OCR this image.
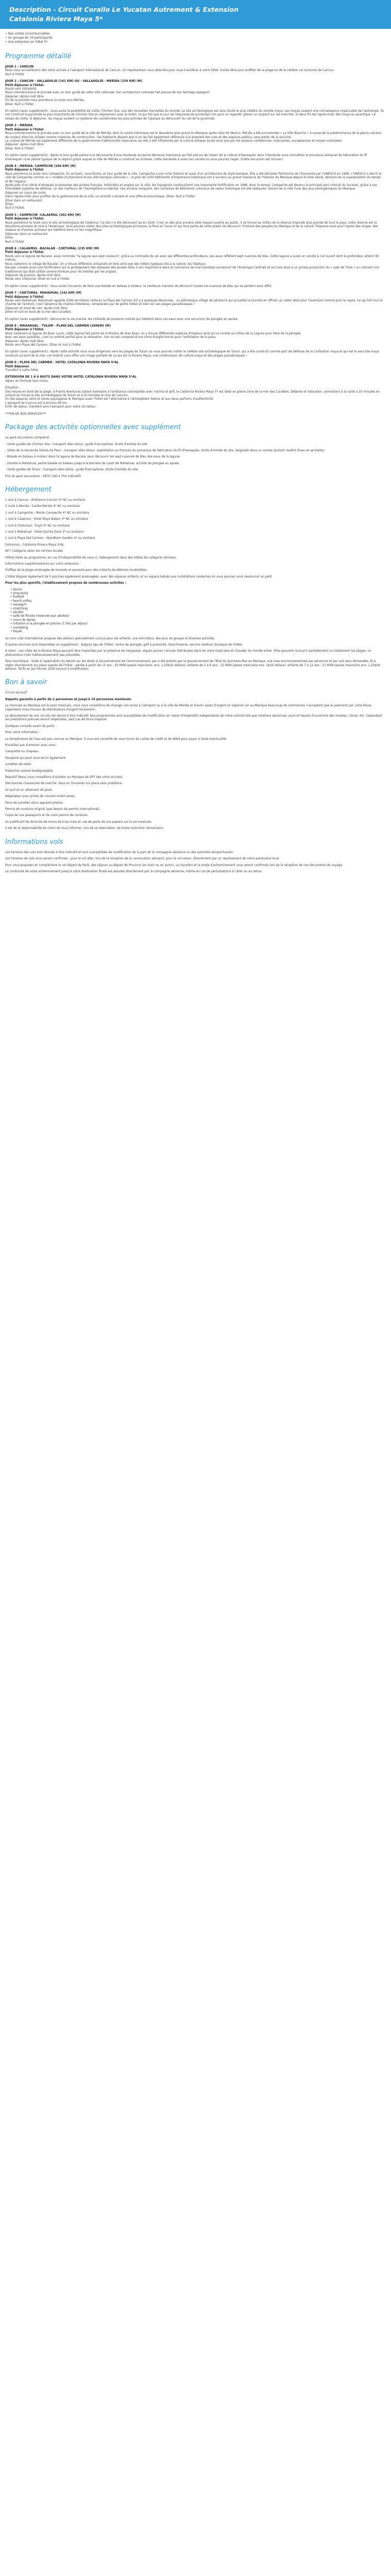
Description - Circuit Corallo Le Yucatan Autrement & Extension
Catalonia Riviera Maya 5*
• Des visites incontournables
• Un groupe de 19 participants
• Une extension en hôtel 5*
Programme détaillé
JOUR 1 : CANCUN
Nous vous accueillerons dès votre arrivée à l'aéroport international de Cancun. Un représentant vous attendra pour vous transférer à votre hôtel. Soirée libre pour profiter de la plage ou de la célèbre vie nocturne de Cancun.
Nuit à l'hôtel.
JOUR 2 : CANCUN - VALLADOLID (161 KM) OU - VALLADOLID - MERIDA (159 KM) (M)
Petit déjeuner à l'hôtel.
Route vers Valladolid.
Nous commencerons la journée avec un tour guidé de cette ville coloniale. Son architecture coloniale fait preuve de son héritage espagnol.
Déjeuner. Après-midi libre.
Fin de la journée nous prendrons la route vers Mérida.
Dîner. Nuit à l'hôtel.
En option (avec supplément) : vous aurez la possibilité de visiter Chichen Itza, une des nouvelles merveilles du monde. Le site archéologique est sans doute le plus célèbre du monde maya. Les mayas avaient une connaissance impeccable de l'astrologie. Ils ont construit la pyramide la plus importante de Chichen Itza en alignement avec le Soleil, ce qui fait que le jour de l'équinoxe de printemps l'on peut un regarder glisser un serpent sur les marches. Si deux fin de l'après-midi, des maya au quantique. Le temps de visite, le déjeuner, les mayas avaient un système de coordonnées les plus précises de l'époque au découvert du ciel de la pyramide.
JOUR 3 : MERIDA
Petit déjeuner à l'hôtel.
Nous commencerons la journée avec un tour guidé de la ville de Mérida, dont le centre historique est le deuxième plus grand du Mexique après celui de Mexico. Mérida a été surnommée « La Ville Blanche » à cause de la prédominance de la pierre calcaire de couleur blanche utilisée comme matériau de construction ; les habitants étaient que si on les fait également référence à la propreté des rues et des espaces publics, sans parler de la sécurité.
La cuisine de Mérida est également différente de la gastronomie traditionnelle mexicaine car elle a été influencée par la culture antique locale ainsi que par les saveurs caribéennes, mexicaines, européennes et moyen-orientales.
Déjeuner. Après-midi libre.
Dîner. Nuit à l'hôtel.
En option (avec supplément) : Après le tour guidé partez à la découverte d'une Hacienda ancienne demeure mexicaine qui fait preuve de l'essor de la culture d'Henequén dans l'Hacienda vous connaîtrez le processus artisanal de fabrication du fil d'henequén (une plante typique de la région) grâce auquel la ville de Mérida a construit sa richesse. Cette Hacienda à aussi son cenote où vous pourrez nager. (Cette excursion est incluse.)
JOUR 4 : MERIDA- CAMPECHE (184 KM) (M)
Petit déjeuner à l'hôtel.
Nous prendrons la route vers Campeche. En arrivant, nous ferons un tour guidé de la ville. Campeche a une riche histoire et aussi d'un architecture de style baroque. Elle a été déclarée Patrimoine de l'Humanité par l'UNESCO en 1999. L'UNESCO a décrit la ville de Campeche comme un « modèle d'urbanisme d'une ville baroque coloniale » ; le plan de 1000 bâtiments d'importance historique ont à survécu au grand massacre de l'histoire du Mexique depuis le XVIe siècle, témoins de la superposition du temps et de l'espace.
Après près d'un siècle d'attaques incessantes des pirates français, hollandais et anglais sur la ville, les Espagnols construisirent une importante fortification en 1686. Avec le temps, Campeche est devenu le principal port colonial du Yucatan, grâce à son formidable système de défense, un des meilleurs de l'hémisphère occidental. Ces anciens remparts, des centaines de bâtiments coloniaux de valeur historique ont été restaurés, faisant de la ville l'une des plus photogéniques du Mexique.
Déjeuner en cours de route.
Dans l'après-midi, pour profiter de la gastronomie de la ville, un activité culinaire et une offre écotouristique. Dîner. Nuit à l'hôtel.
Dîner dans un restaurant.
Dîner.
Nuit à l'hôtel.
JOUR 5 : CAMPECHE -CALAKMUL (302 KM) (M)
Petit déjeuner à l'hôtel.
Nous prendrons la route vers le site archéologique de Calakmul. Ce site n'a été découvert qu'en 1930. Il est un des plus anciens sites mayas ouverts au public. Il se trouve au milieu de la réserve tropicale plus grande de tout le pays, cette réserve est la deuxième primaire du tout à l'Amérique. Vous pourrez visiter des sites archéologiques primaires, la flore et l'aune ici qui fera partie de votre plaisir de découvrir l'histoire des peuples du Mexique et de la nature. Préparez-vous pour l'après des singes, des oiseaux et d'autres animaux qui habitent dans ce lieu magnifique.
Déjeuner dans un restaurant.
Dîner.
Nuit à l'hôtel.
JOUR 6 : CALAKMUL -BACALAR - CHETUMAL (235 KM) (M)
Petit déjeuner à l'hôtel.
Route vers la lagune de Bacalar, aussi nommée "la lagune aux sept couleurs", grâce au contraste de sol avec ses différentes profondeurs, ses eaux reflètent sept nuances de bleu. Cette lagune a aussi un cenote à ciel ouvert dont la profondeur atteint 90 mètres.
Nous visiterons le village de Bacalar. On y trouve différents artisanats en bois ainsi que des hôtels typiques liés à la nature, les hôpitaux.
Bacalar compte aussi une fortification qui le protégeaient des attaques des pirates dûes à son importance dans le commerce de marchandises provenant de l'Amérique Centrale et accrues dues à un grosse production du « pale de Tinte » un colorant noir traditionnel qui était utilisé comme teinture pour les textiles par les anglais.
Déjeuner de poisson. Après-midi libre.
Route vers Chetumal. Dîner et nuit à l'hôtel.
En option (avec supplément) : Vous aurez l'occasion de faire une balade en bateau à moteur, la meilleure manière de découvrir toutes les nuances de bleu qui se perdent avec effet.
JOUR 7 : CHETUMAL- MAHAHUAL (142 KM) (M)
Petit déjeuner à l'hôtel.
Route vers Mahahual. Mahahual rappelle d'été territoires visiteurs la Playa del Carmen d'il y a quelques décennies : un pittoresque village de pêcheurs qui accueille la touriste en offrant un cadre idéal pour l'aventure comme pour le repos. Ce qui fait tout le charme de l'endroit, c'est l'absence de chaînes hôtelières, remplacées par de petits hôtels et bien sûr ses plages paradisiaques !
Déjeuner en bord de mer. Après-midi libre.
Dîner et nuit en bord de la mer des Caraïbes.
En option (avec supplément) : Découvrez la vie marine, les milliards de poissons colorés qui habitent dans ces eaux avec une excursion de plongée en apnée.
JOUR 8 : MAHAHUAL - TULUM - PLAYA DEL CARMEN (290KM) (M)
Petit déjeuner à l'hôtel.
Nous visiterons la lagune de Kaan Luum, cette lagune fait partie de la Riviera de Sian Kaan, on y trouve différentes espèces d'oiseaux ainsi qu'un cenote au milieu de la Lagune pour faire de la plongée.
Avec ses eaux paisibles, c'est un endroit parfait pour la relaxation. Son sol est composé d'une sorte d'argile bonne pour l'exfoliation de la peau.
Déjeuner. Après-midi libre.
Route vers Playa del Carmen. Dîner et nuit à l'hôtel.
En option (avec supplément) : Après cette activité nous nous dirigerons vers les plages de Tulum où vous pourrez visiter le célèbre site archéologique de Tulum, qui a été construit comme port de défense de la civilisation maya et qui est le seul site maya construit au bord de la mer, cet endroit vous offre une image parfaite de ce qui est la Riviera Maya, une combinaison de culture maya et des plages paradisiaques !
JOUR 9 : PLAYA DEL CARMEN - HOTEL CATALONIA RIVIERA MAYA 5*AL
Petit déjeuner.
Transfert à votre hôtel.
EXTENSION DE 1 À 6 NUITS DANS VOTRE HOTEL CATALONIA RIVIERA MAYA 5*AL
Séjour en formule tout inclus.
Situation :
Des heures en bord de la plage, à Puerto Aventuras station balnéaire à l'ambiance cosmopolite avec marina et golf, le Catalonia Riviera Maya 5* est idéal en pleine zone de la mer des Caraïbes. Détente et relaxation, animations à la carte à 20 minutes en voiture se trouve le site archéologique de Tulum et à 50 minutes en bus de Cancún.
En des espaces verts et zones paysagères le Mexique aussi l'hôtel est l'alternative à l'atmosphère festive et aux deux parfums d'authenticité.
L'aéroport de Cancun est à environ 80 km.
Enfin de séjour, transfert vers l'aéroport pour votre vol retour.
***FIN DE NOS SERVICES***
Package des activités optionnelles avec supplément
Le pack excursions comprend :
- Visite guidée de Chichen Itza : transport aller-retour, guide francophone, droits d'entrée du site
- Visite de la Hacienda Sotuta de Peon : transport aller-retour, exploitation au français du processus de fabrication du fil d'henequén, droits d'entrée du site, baignade dans un cenote (prévoir maillot d'eau et serviette).
- Balade en bateau à moteur dans la lagune de Bacalar pour découvrir les sept nuances de bleu des eaux de la lagune
- Snorkel à Mahahual, petite balade en bateau jusqu'à la barrière de corail de Mahahual, activité de plongée en apnée.
- Visite guidée de Tulum : transport aller-retour, guide francophone, droits d'entrée du site.
Prix du pack excursions : 287€ (183 € Prix indicatif)
Hébergement
1 nuit à Cancun : Ambiance Cancún 4* NC ou similaire
2 nuits à Merida : Caribe Merida 4* NC ou similaire
1 nuit à Campeche : Misión Campeche 4* NC ou similaire
1 nuit à Calakmul : Hotel Maya Balam 3* NC ou similaire
1 nuit à Chetumal : Truyh 4* NC ou similaire
1 nuit à Mahahual : Hotel Quinta Zone 3* ou similaire
1 nuit à Playa Del Carmen : Wyndham Garden 4* ou similaire
Extension : Catalonia Riviera Maya 5*AL
NC* Catégorie selon les normes locales
Hôtels listés au programme, en cas d'indisponibilité de ceux-ci, hébergement dans des hôtels de catégorie similaire.
Informations supplémentaires sur votre extension :
Profitez de la plage aménagée de transats et parasols pour des instants de détente inoubliables.
L'hôtel dispose également de 5 piscines également aménagées, avec des espaces enfants, et un espace balnéo aux installations modernes où vous pourrez vous ressourcer en petit.
Pour les plus sportifs, l'établissement propose de nombreuses activités :
• tennis
• ping-pong
• football
• beach-volley
• aquagym
• stretching
• aérobic
• salle de fitness (réservée aux adultes)
• cours de danse
• initiation à la plongée en piscine (1 fois par séjour)
• snorkeling
• Kayak
Un mini club international propose des ateliers spécialement conçus pour les enfants, une mini-disco, des jeux de groupe et diverses activités.
D'autres services sont disponibles en supplément : Aalgrys Spa de l'hôtel, centre de plongée, golf à proximité, blanchisserie, service médical, boutique de l'hôtel.
A noter : Les côtes de la Riviera Maya peuvent être impactées par la présence de Sargasses, algues jaunes / brunes distribuées dans les mers tropicales et chaudes du monde entier. Elles peuvent recouvrir partiellement ou totalement les plages, ce phénomène n'est malheureusement pas prévisible.
Taxe touristique : Suite à l'application du décret sur les droits à Gouvernement de l'environnement, par e été publiés par le gouvernement de l'État du Quintana Roo au Mexique, une taxe environnementale par personne et par nuit sera demandée, et à régler directement sur place auprès de l'hôtel : adulte à partir de 13 ans : 30 MXN (pesos mexicains, env. 1,50$US dollars), enfants de 2 à 6 ans : 15 MXN (pesos mexicains env. 1$US dollars), enfants de 7 à 12 ans : 21 MXN (pesos mexicains env. 1,10$US dollars). Tarifs en Jan Février 2026 soumis à modification.
Bon à savoir
Circuit exclusif
Départs garantis à partir de 2 personnes et jusqu'à 19 personnes maximum.
La monnaie au Mexique est le peso mexicain, nous vous conseillons de changer vos euros à l'aéroport ou à la ville de Mérida et d'avoir assez d'argent en espèces car au Mexique beaucoup de commerces n'acceptent pas le paiement par carte bleue. Cependant vous trouvez de distributeurs d'argent facilement.
Le déroulement de nos circuits est donné à titre indicatif. Nos programmes sont susceptibles de modification en raison d'impératifs indépendants de notre volonté tels que rotations aériennes, jours et heures d'ouverture des musées, climat, etc. Cependant les prestations prévues seront respectées, sauf cas de force majeure.
Quelques conseils avant de partir :
Pour votre information :
La température de l'eau est peu connue au Mexique. Il vous est conseillé de vous munir de cartes de crédit et de débit pour payer à toute éventualité.
N'oubliez pas d'amener avec vous :
Casquette ou chapeau.
Parapluie qui peut vous servir également.
Lunettes de soleil.
Protection solaire biodégradable.
Répulsif (Nous vous conseillons d'acheter au Mexique de OFF des votre arrivée).
Des bonnes chaussures de marche. Vous en trouverez sur place sans problème.
Un pull et un vêtement de pluie.
Adaptateur pour prises de courant américaines.
Paire de jumelles et/ou appareil photos.
Permis de conduire original (pas besoin de permis international).
Copie de vos passeports et de votre permis de conduire.
Un justificatif de domicile de moins de trois mois en cas de perte de vos papiers sur le sol mexicain.
Il est de la responsabilité du client de nous informer, lors de sa réservation, de toute restriction alimentaire.
Informations vols
Les horaires des vols sont donnés à titre indicatif et sont susceptibles de modification de la part de la compagnie aérienne ou des autorités aéroportuaires.
Les horaires de vols vous seront confirmés : pour le vol aller, lors de la réception de la convocation aéroport, pour le vol retour, directement par un représentant de notre partenaire local.
Pour vous proposer en complément le vol départ de Paris, des séjours au départ de Province (en train ou en avion). Le transfert et la mode d'acheminement vous seront confirmés lors de la réception de nos documents de voyage.
La continuité de votre acheminement jusqu'à votre destination finale est assurée directement par la compagnie aérienne, même en cas de perturbations à l'aller ou au retour.
